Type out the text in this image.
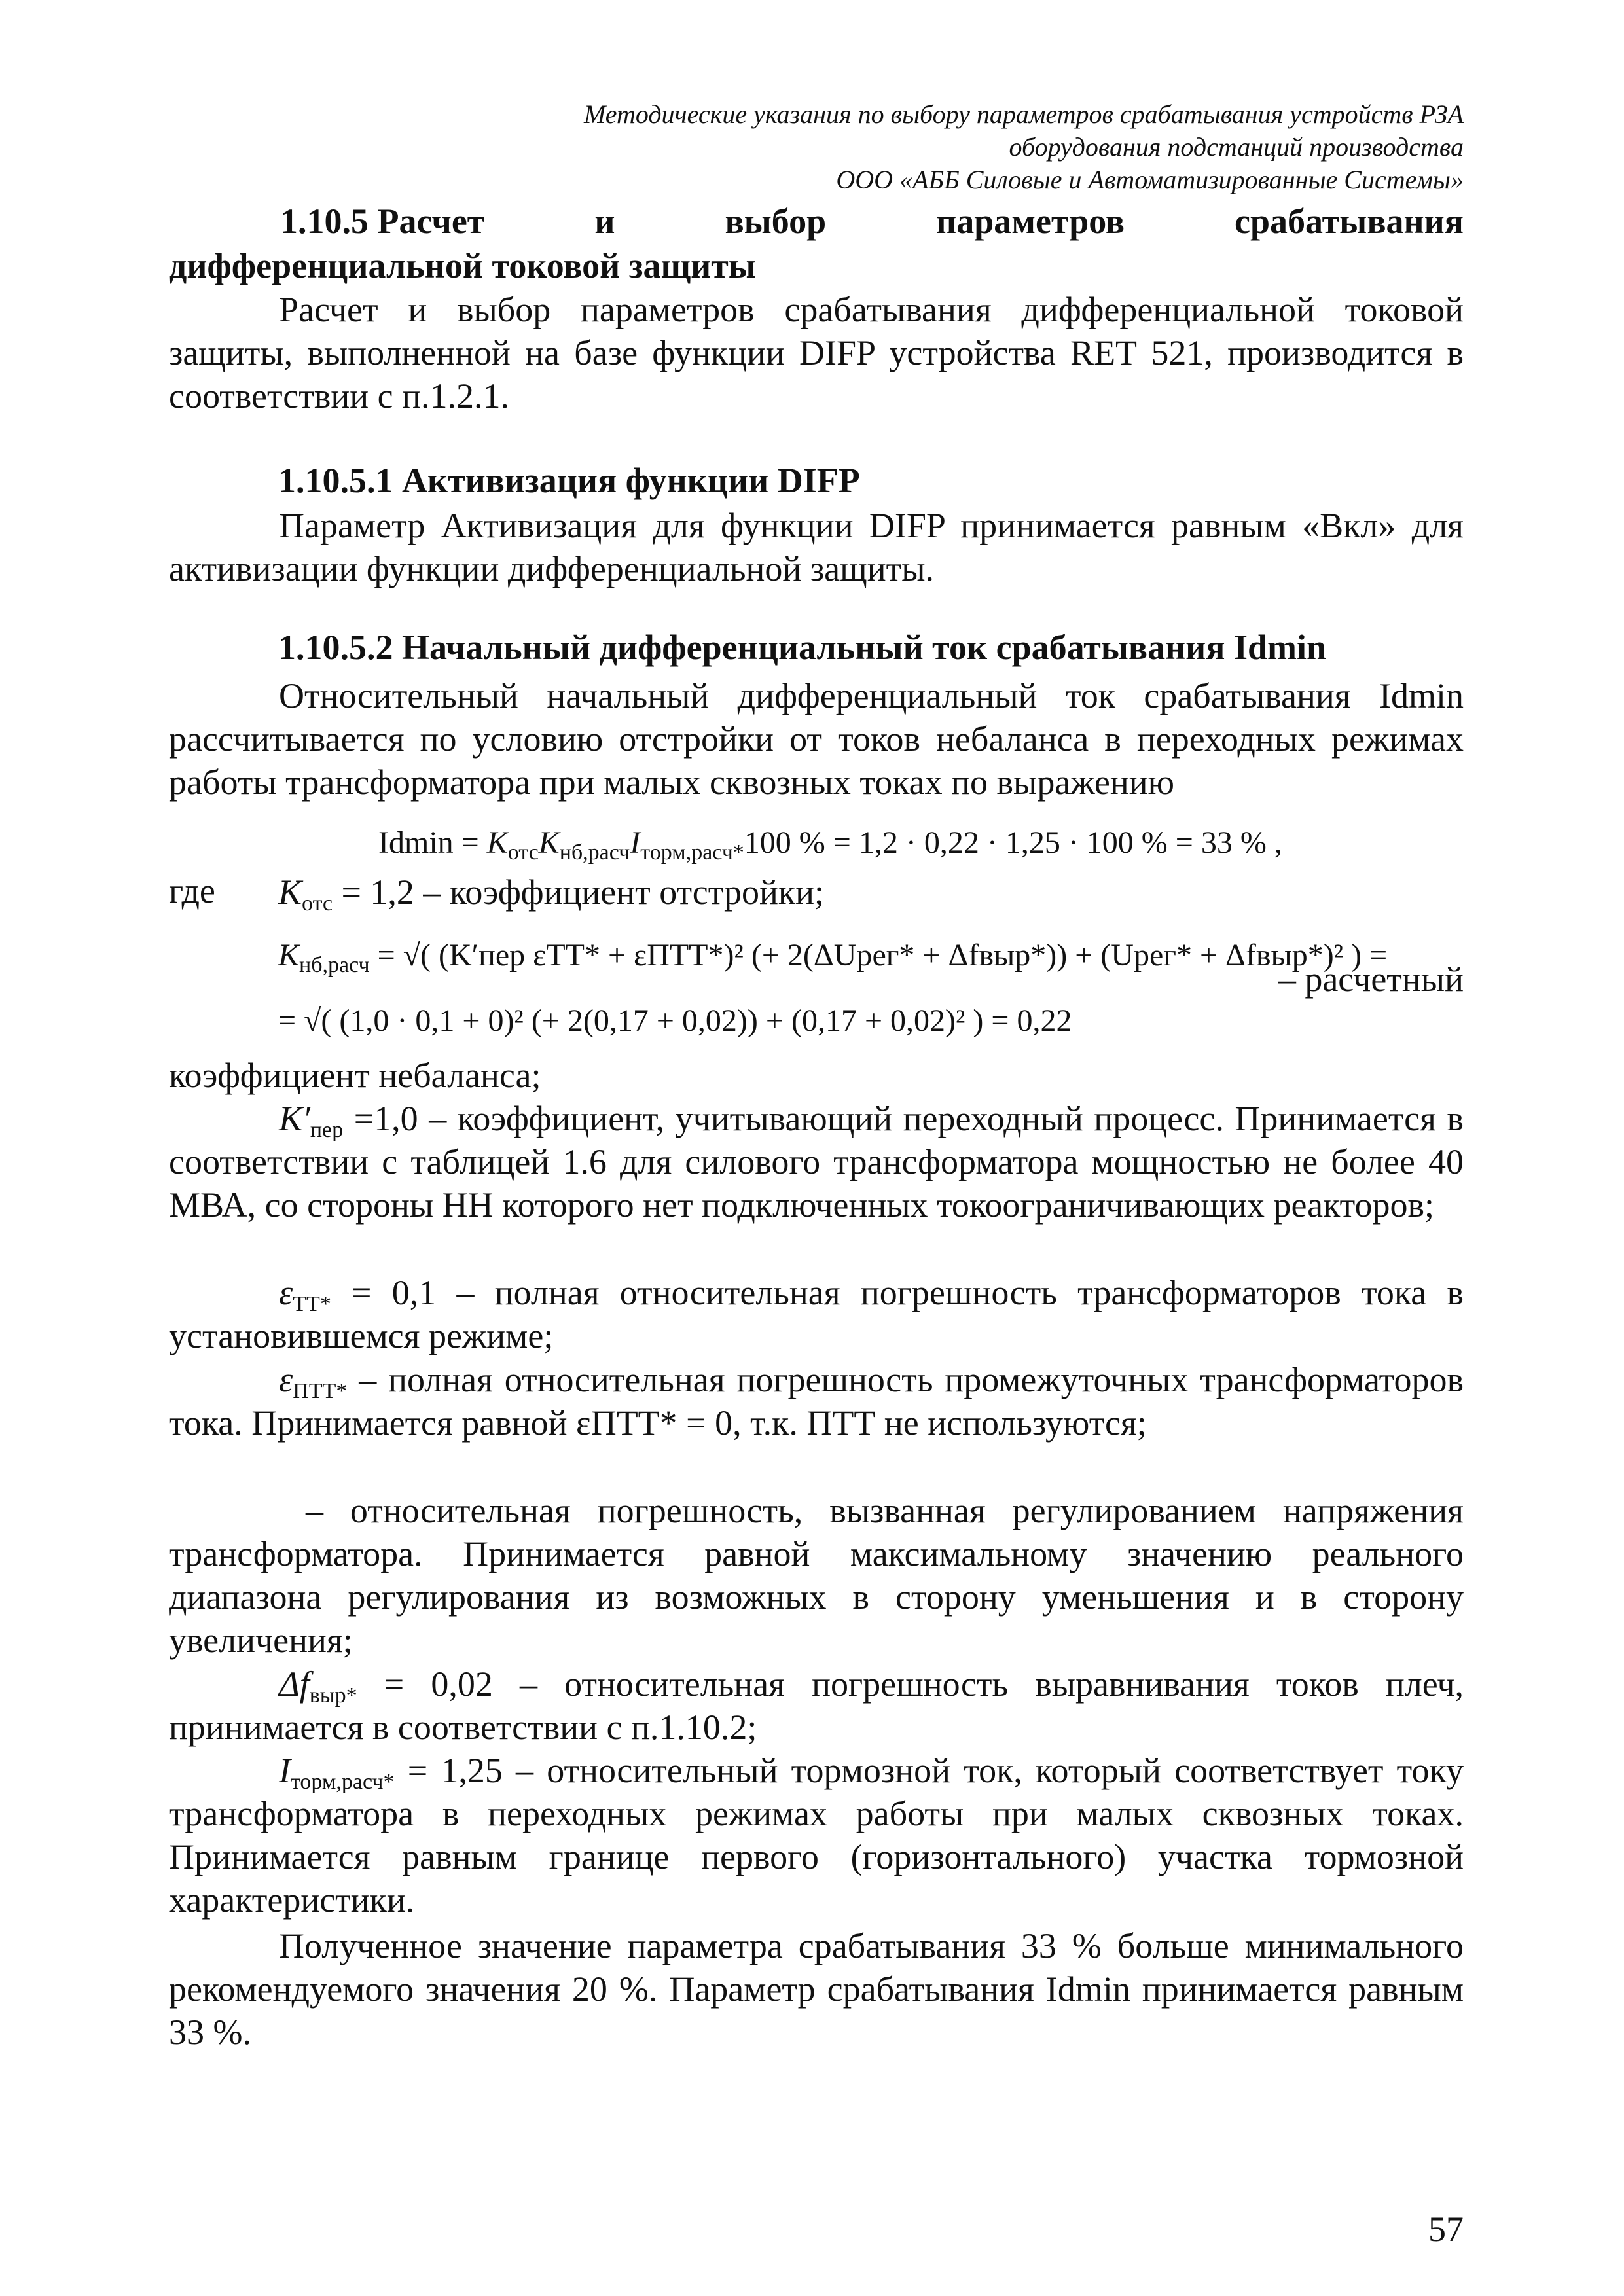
Методические указания по выбору параметров срабатывания устройств РЗА
оборудования подстанций производства
ООО «АББ Силовые и Автоматизированные Системы»
1.10.5 Расчет	и	выбор	параметров	срабатывания
дифференциальной токовой защиты
Расчет и выбор параметров срабатывания дифференциальной токовой защиты, выполненной на базе функции DIFP устройства RET 521, производится в соответствии с п.1.2.1.
1.10.5.1 Активизация функции DIFP
Параметр Активизация для функции DIFP принимается равным «Вкл» для активизации функции дифференциальной защиты.
1.10.5.2 Начальный дифференциальный ток срабатывания Idmin
Относительный начальный дифференциальный ток срабатывания Idmin рассчитывается по условию отстройки от токов небаланса в переходных режимах работы трансформатора при малых сквозных токах по выражению
$Idmin = K_{отс}K_{нб,расч}I_{торм,расч*}100$ % = 1,2 · 0,22 · 1,25 · 100 % = 33 % ,
где $K_{отс} = 1,2$ – коэффициент отстройки;
$K_{нб,расч}$ = √( (K′пер εТТ* + εПТТ*)² (+ 2(ΔUрег* + Δfвыр*)) + (Uрег* + Δfвыр*)² ) =
– расчетный
= √( (1,0 · 0,1 + 0)² (+ 2(0,17 + 0,02)) + (0,17 + 0,02)² ) = 0,22
коэффициент небаланса;
$K'_{пер} =1,0$ – коэффициент, учитывающий переходный процесс. Принимается в соответствии с таблицей 1.6 для силового трансформатора мощностью не более 40 МВА, со стороны НН которого нет подключенных токоограничивающих реакторов;
$\varepsilon_{ТТ*} = 0,1$ – полная относительная погрешность трансформаторов тока в установившемся режиме;
$\varepsilon_{ПТТ*}$ – полная относительная погрешность промежуточных трансформаторов тока. Принимается равной εПТТ* = 0, т.к. ПТТ не используются;
– относительная погрешность, вызванная регулированием напряжения трансформатора. Принимается равной максимальному значению реального диапазона регулирования из возможных в сторону уменьшения и в сторону увеличения;
$\Delta f_{выр*} = 0,02$ – относительная погрешность выравнивания токов плеч, принимается в соответствии с п.1.10.2;
$I_{торм,расч*} = 1,25$ – относительный тормозной ток, который соответствует току трансформатора в переходных режимах работы при малых сквозных токах. Принимается равным границе первого (горизонтального) участка тормозной характеристики.
Полученное значение параметра срабатывания 33 % больше минимального рекомендуемого значения 20 %. Параметр срабатывания Idmin принимается равным 33 %.
57
